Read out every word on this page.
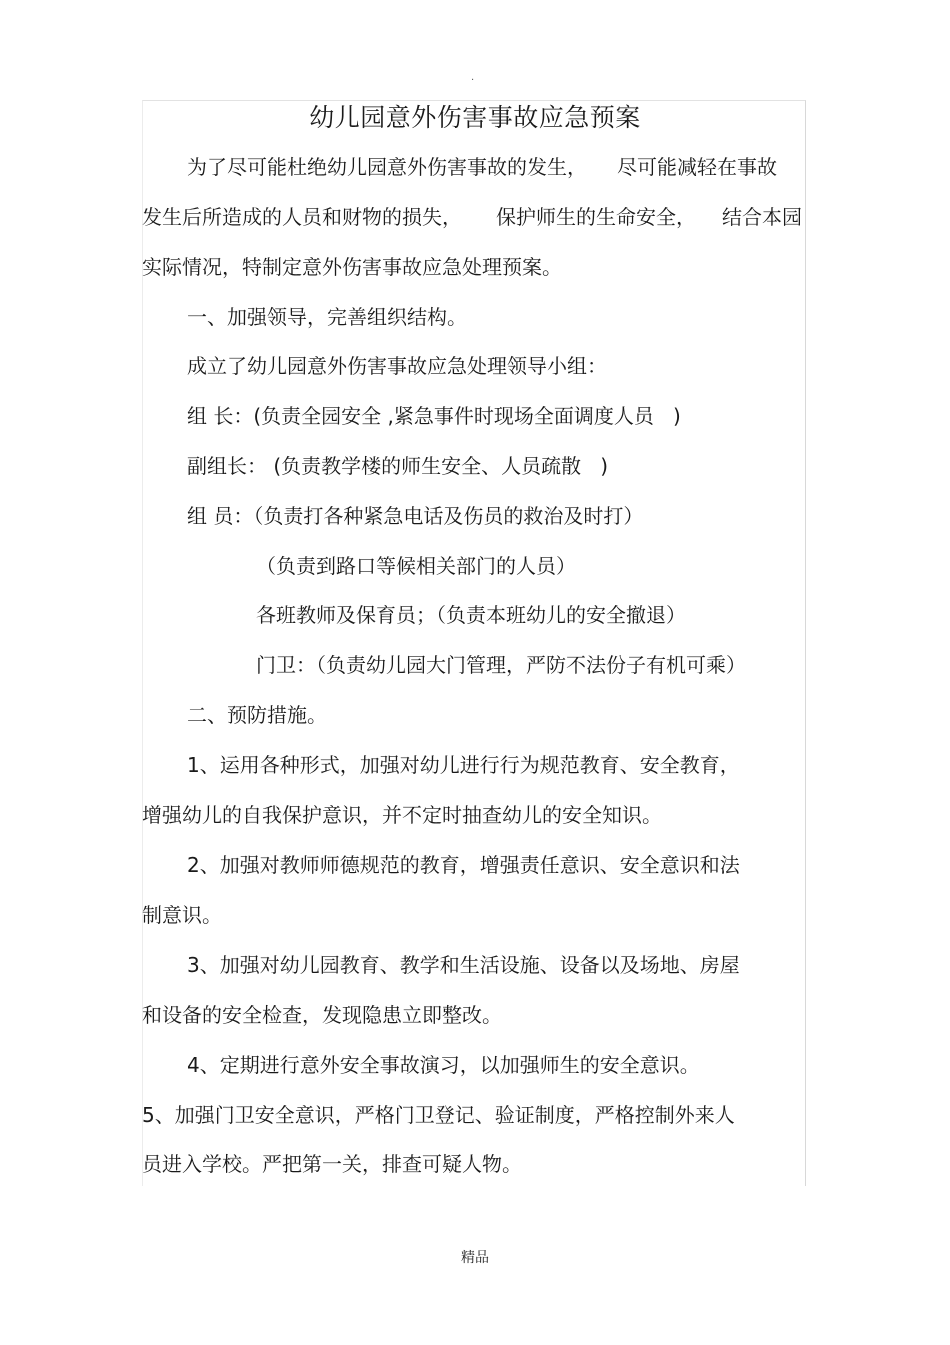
·
幼儿园意外伤害事故应急预案
为了尽可能杜绝幼儿园意外伤害事故的发生， 尽可能减轻在事故
发生后所造成的人员和财物的损失， 保护师生的生命安全， 结合本园
实际情况，特制定意外伤害事故应急处理预案。
一、加强领导，完善组织结构。
成立了幼儿园意外伤害事故应急处理领导小组：
组 长：(负责全园安全 ,紧急事件时现场全面调度人员   )
副组长： (负责教学楼的师生安全、人员疏散   )
组 员：（负责打各种紧急电话及伤员的救治及时打）
（负责到路口等候相关部门的人员）
各班教师及保育员；（负责本班幼儿的安全撤退）
门卫：（负责幼儿园大门管理，严防不法份子有机可乘）
二、预防措施。
1、运用各种形式，加强对幼儿进行行为规范教育、安全教育，
增强幼儿的自我保护意识，并不定时抽查幼儿的安全知识。
2、加强对教师师德规范的教育，增强责任意识、安全意识和法
制意识。
3、加强对幼儿园教育、教学和生活设施、设备以及场地、房屋
和设备的安全检查，发现隐患立即整改。
4、定期进行意外安全事故演习，以加强师生的安全意识。
5、加强门卫安全意识，严格门卫登记、验证制度，严格控制外来人
员进入学校。严把第一关，排查可疑人物。
精品
